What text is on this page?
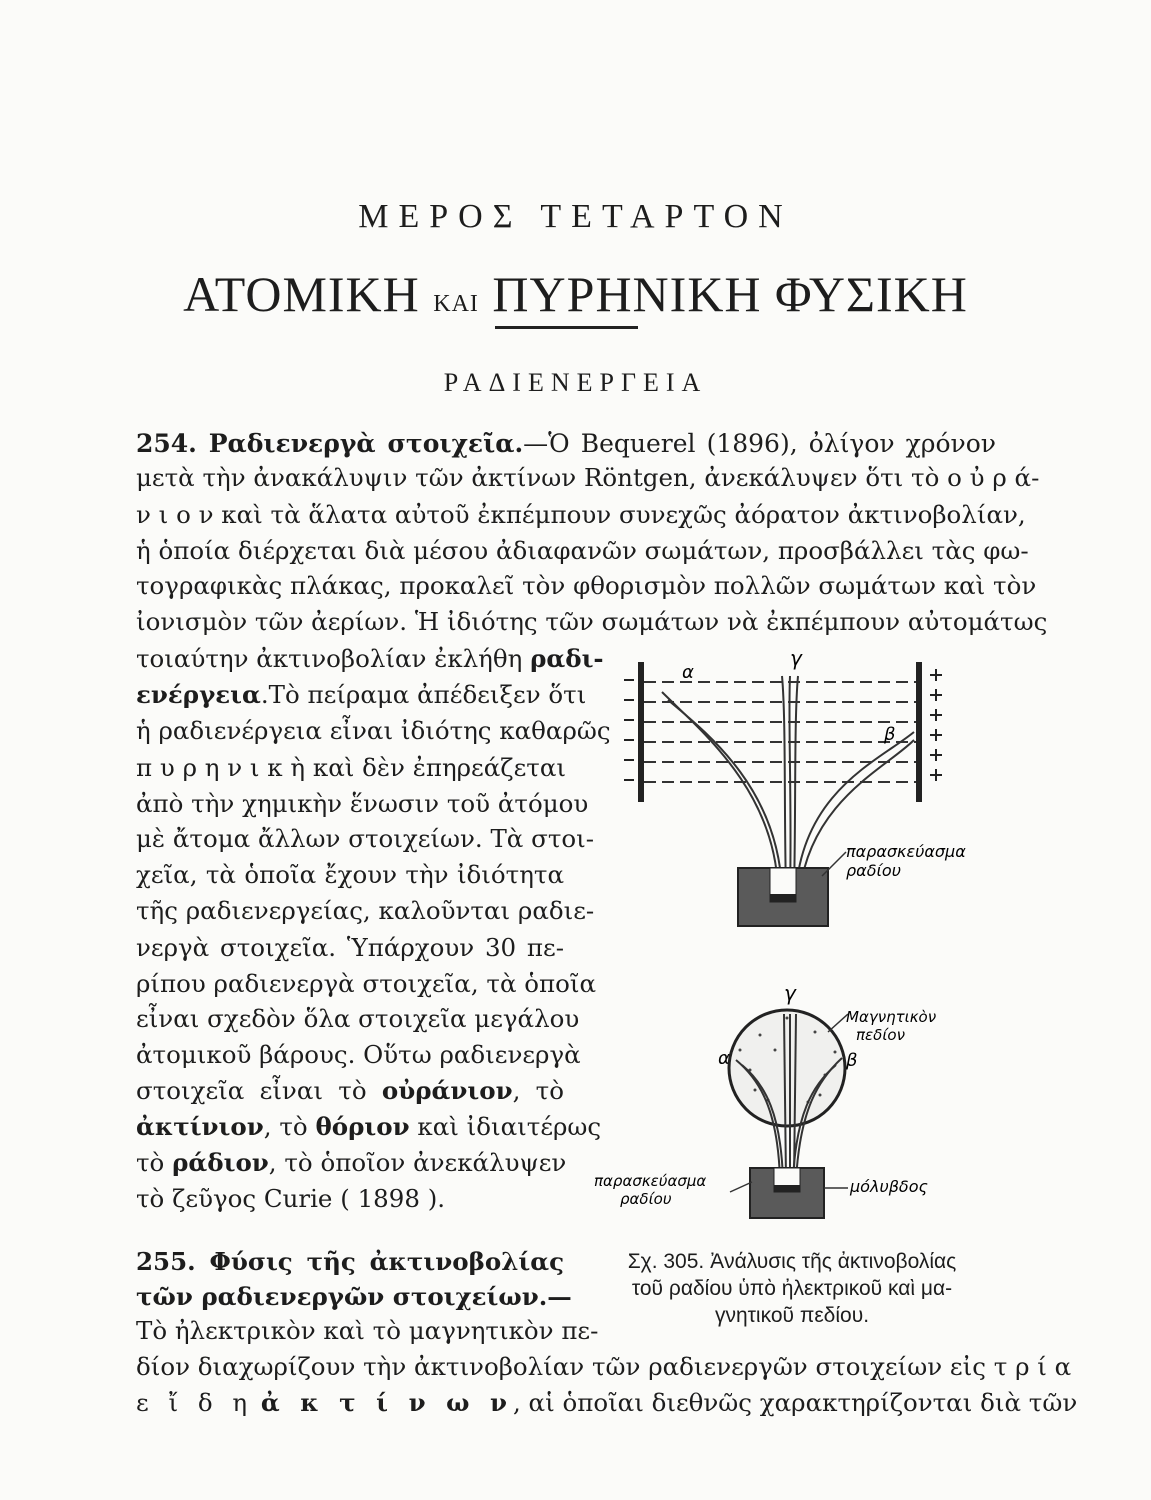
ΜΕΡΟΣ ΤΕΤΑΡΤΟΝ
ΑΤΟΜΙΚΗ ΚΑΙ ΠΥΡΗΝΙΚΗ ΦΥΣΙΚΗ
ΡΑΔΙΕΝΕΡΓΕΙΑ
254. Ραδιενεργὰ στοιχεῖα.—Ὁ Bequerel (1896), ὀλίγον χρόνον
μετὰ τὴν ἀνακάλυψιν τῶν ἀκτίνων Röntgen, ἀνεκάλυψεν ὅτι τὸ ο ὐ ρ ά-
ν ι ο ν καὶ τὰ ἅλατα αὐτοῦ ἐκπέμπουν συνεχῶς ἀόρατον ἀκτινοβολίαν,
ἡ ὁποία διέρχεται διὰ μέσου ἀδιαφανῶν σωμάτων, προσβάλλει τὰς φω-
τογραφικὰς πλάκας, προκαλεῖ τὸν φθορισμὸν πολλῶν σωμάτων καὶ τὸν
ἰονισμὸν τῶν ἀερίων. Ἡ ἰδιότης τῶν σωμάτων νὰ ἐκπέμπουν αὐτομάτως
τοιαύτην ἀκτινοβολίαν ἐκλήθη ραδι-
ενέργεια.Τὸ πείραμα ἀπέδειξεν ὅτι
ἡ ραδιενέργεια εἶναι ἰδιότης καθαρῶς
π υ ρ η ν ι κ ὴ καὶ δὲν ἐπηρεάζεται
ἀπὸ τὴν χημικὴν ἕνωσιν τοῦ ἀτόμου
μὲ ἄτομα ἄλλων στοιχείων. Τὰ στοι-
χεῖα, τὰ ὁποῖα ἔχουν τὴν ἰδιότητα
τῆς ραδιενεργείας, καλοῦνται ραδιε-
νεργὰ στοιχεῖα. Ὑπάρχουν 30 πε-
ρίπου ραδιενεργὰ στοιχεῖα, τὰ ὁποῖα
εἶναι σχεδὸν ὅλα στοιχεῖα μεγάλου
ἀτομικοῦ βάρους. Οὕτω ραδιενεργὰ
στοιχεῖα εἶναι τὸ οὐράνιον, τὸ
ἀκτίνιον, τὸ θόριον καὶ ἰδιαιτέρως
τὸ ράδιον, τὸ ὁποῖον ἀνεκάλυψεν
τὸ ζεῦγος Curie ( 1898 ).
255. Φύσις τῆς ἀκτινοβολίας
τῶν ραδιενεργῶν στοιχείων.—
Τὸ ἠλεκτρικὸν καὶ τὸ μαγνητικὸν πε-
δίον διαχωρίζουν τὴν ἀκτινοβολίαν τῶν ραδιενεργῶν στοιχείων εἰς τ ρ ί α
ε ἴ δ η ἀ κ τ ί ν ω ν, αἱ ὁποῖαι διεθνῶς χαρακτηρίζονται διὰ τῶν
γ
α
β
παρασκεύασμα
ραδίου
γ
α	β
Μαγνητικὸν
πεδίον
παρασκεύασμα
ραδίου
μόλυβδος
Σχ. 305. Ἀνάλυσις τῆς ἀκτινοβολίας
τοῦ ραδίου ὑπὸ ἠλεκτρικοῦ καὶ μα-
γνητικοῦ πεδίου.
